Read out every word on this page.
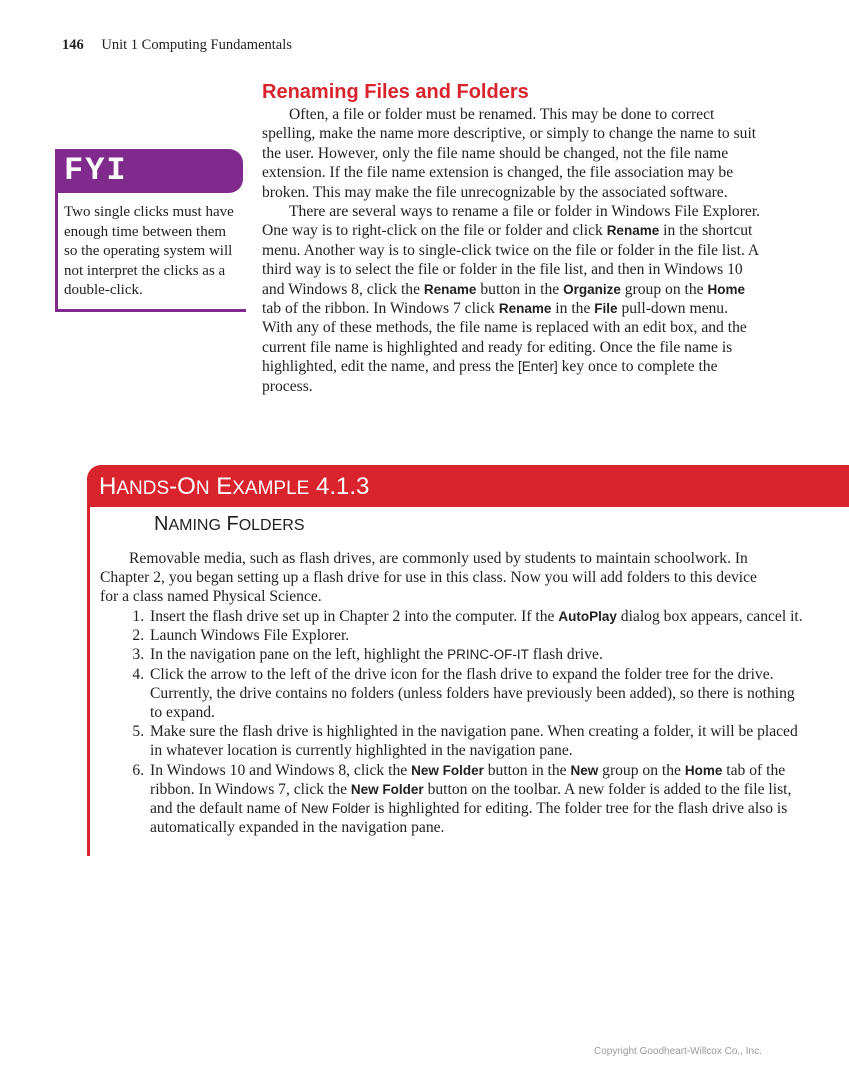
146 Unit 1 Computing Fundamentals
FYI
Two single clicks must have enough time between them so the operating system will not interpret the clicks as a double-click.
Renaming Files and Folders

Often, a file or folder must be renamed. This may be done to correct spelling, make the name more descriptive, or simply to change the name to suit the user. However, only the file name should be changed, not the file name extension. If the file name extension is changed, the file association may be broken. This may make the file unrecognizable by the associated software.

There are several ways to rename a file or folder in Windows File Explorer. One way is to right-click on the file or folder and click Rename in the shortcut menu. Another way is to single-click twice on the file or folder in the file list. A third way is to select the file or folder in the file list, and then in Windows 10 and Windows 8, click the Rename button in the Organize group on the Home tab of the ribbon. In Windows 7 click Rename in the File pull-down menu. With any of these methods, the file name is replaced with an edit box, and the current file name is highlighted and ready for editing. Once the file name is highlighted, edit the name, and press the [Enter] key once to complete the process.

HANDS-ON EXAMPLE 4.1.3
NAMING FOLDERS

Removable media, such as flash drives, are commonly used by students to maintain schoolwork. In Chapter 2, you began setting up a flash drive for use in this class. Now you will add folders to this device for a class named Physical Science.

1. Insert the flash drive set up in Chapter 2 into the computer. If the AutoPlay dialog box appears, cancel it.
2. Launch Windows File Explorer.
3. In the navigation pane on the left, highlight the PRINC-OF-IT flash drive.
4. Click the arrow to the left of the drive icon for the flash drive to expand the folder tree for the drive. Currently, the drive contains no folders (unless folders have previously been added), so there is nothing to expand.
5. Make sure the flash drive is highlighted in the navigation pane. When creating a folder, it will be placed in whatever location is currently highlighted in the navigation pane.
6. In Windows 10 and Windows 8, click the New Folder button in the New group on the Home tab of the ribbon. In Windows 7, click the New Folder button on the toolbar. A new folder is added to the file list, and the default name of New Folder is highlighted for editing. The folder tree for the flash drive also is automatically expanded in the navigation pane.
Copyright Goodheart-Willcox Co., Inc.
